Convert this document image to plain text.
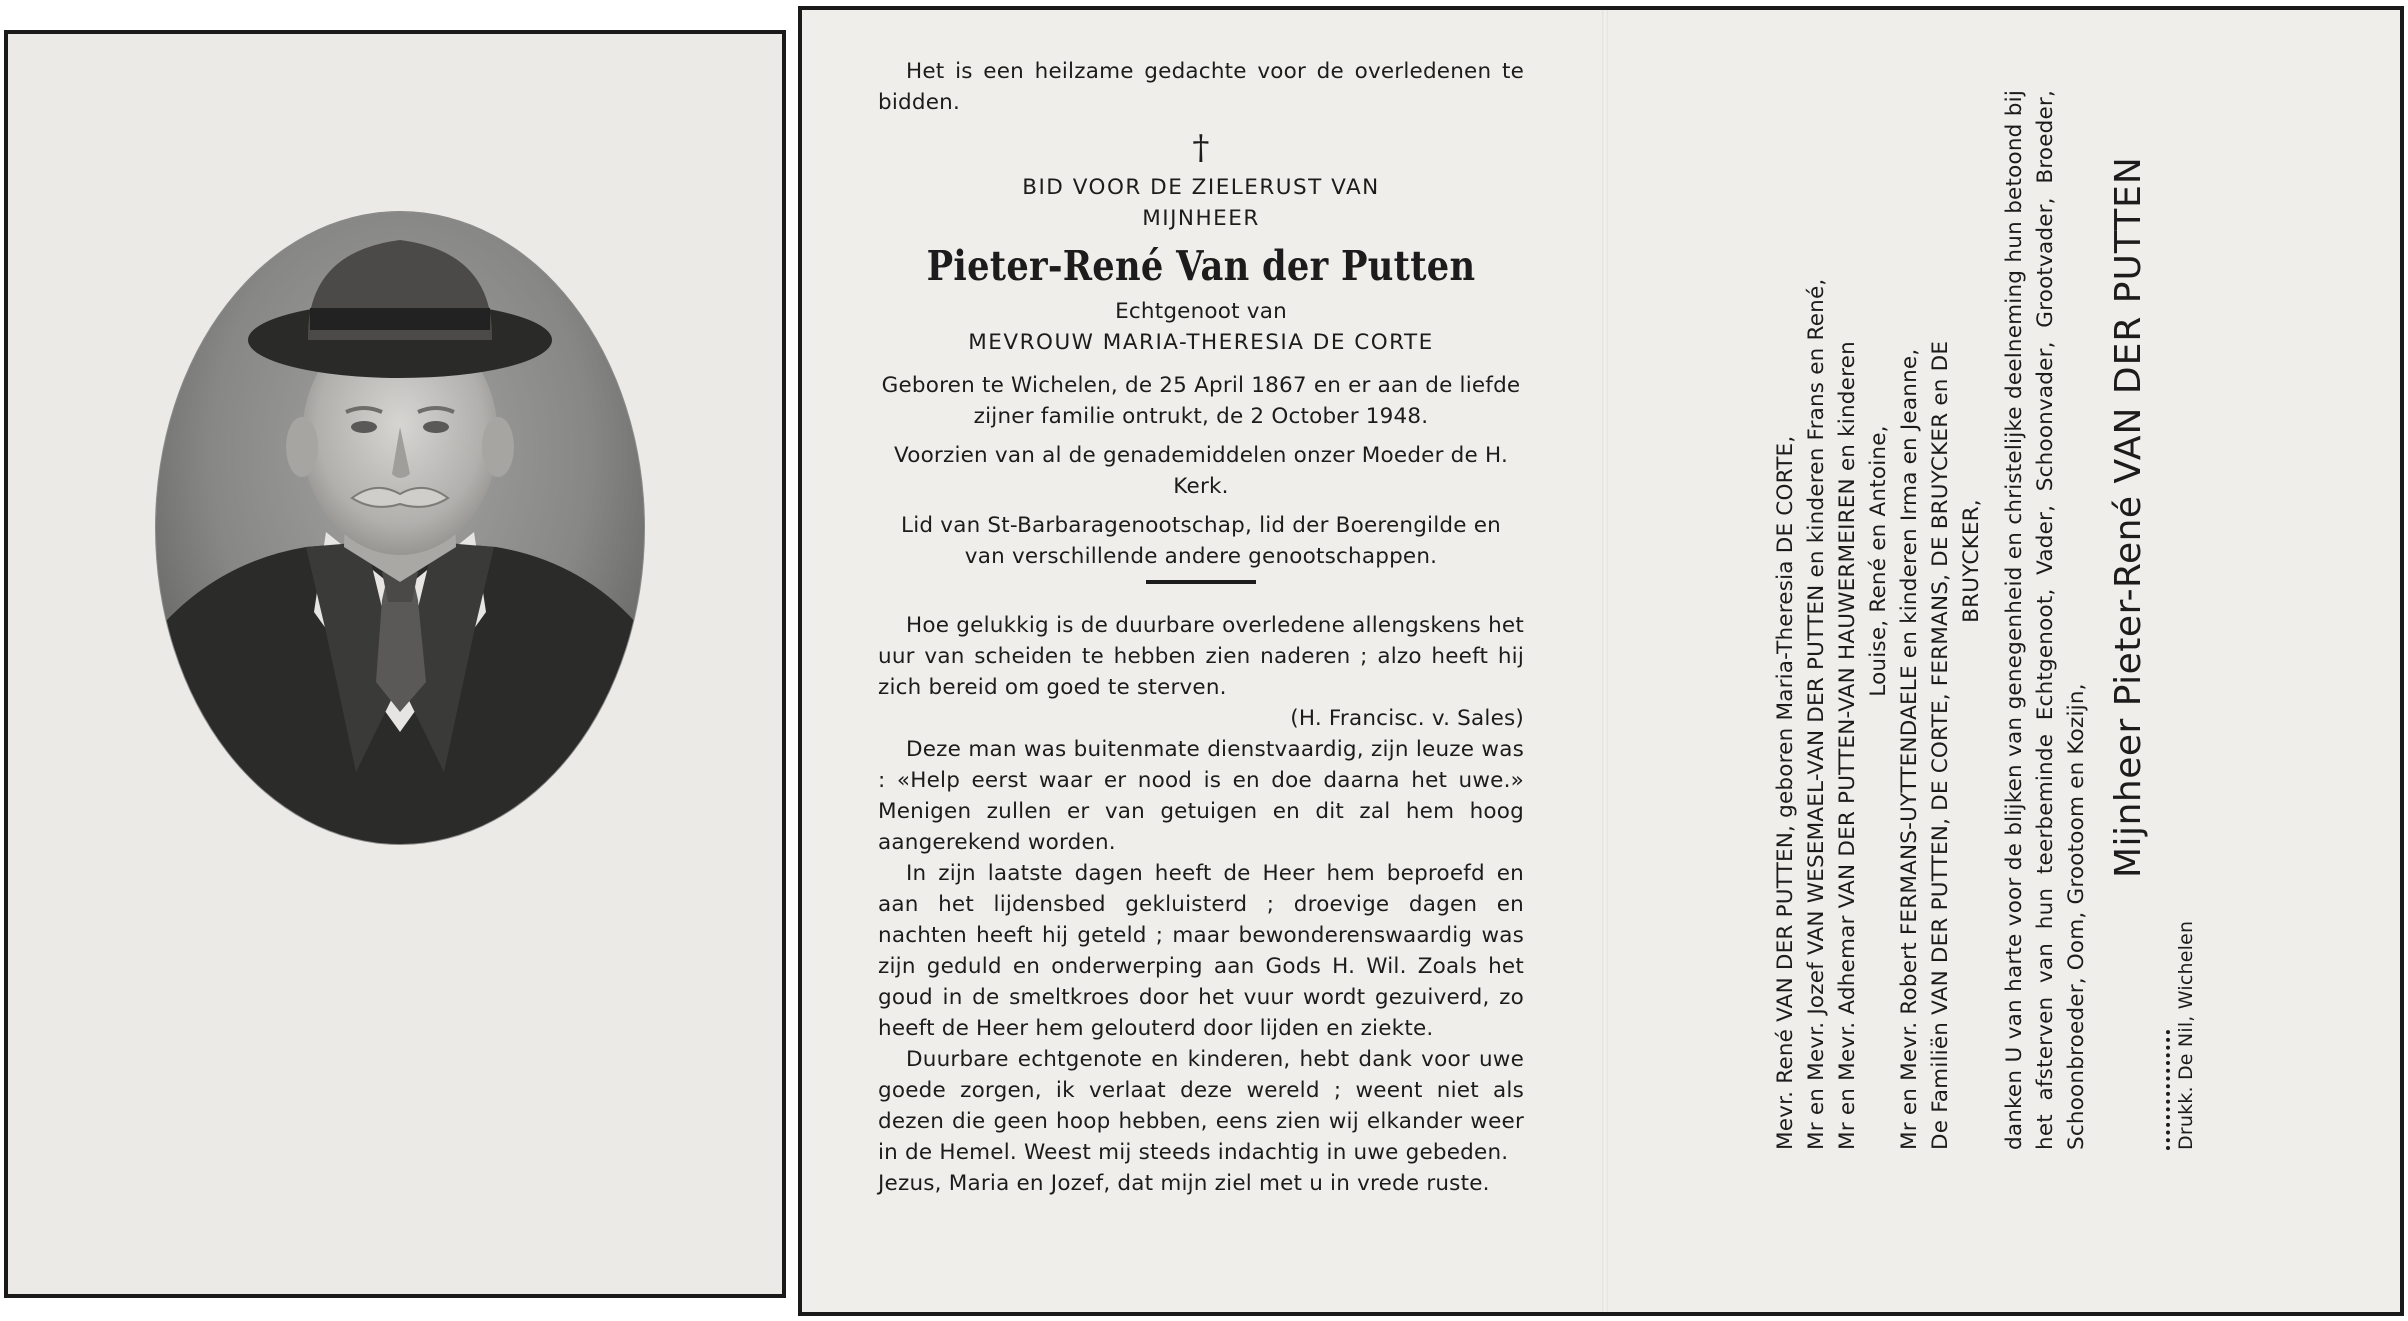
Het is een heilzame gedachte voor de overledenen te bidden.

†
BID VOOR DE ZIELERUST VAN
MIJNHEER
Pieter-René Van der Putten
Echtgenoot van
MEVROUW MARIA-THERESIA DE CORTE

Geboren te Wichelen, de 25 April 1867 en er aan de liefde zijner familie ontrukt, de 2 October 1948.

Voorzien van al de genademiddelen onzer Moeder de H. Kerk.

Lid van St-Barbaragenootschap, lid der Boerengilde en van verschillende andere genootschappen.

Hoe gelukkig is de duurbare overledene allengskens het uur van scheiden te hebben zien naderen ; alzo heeft hij zich bereid om goed te sterven.

(H. Francisc. v. Sales)

Deze man was buitenmate dienstvaardig, zijn leuze was : «Help eerst waar er nood is en doe daarna het uwe.» Menigen zullen er van getuigen en dit zal hem hoog aangerekend worden.

In zijn laatste dagen heeft de Heer hem beproefd en aan het lijdensbed gekluisterd ; droevige dagen en nachten heeft hij geteld ; maar bewonderenswaardig was zijn geduld en onderwerping aan Gods H. Wil. Zoals het goud in de smeltkroes door het vuur wordt gezuiverd, zo heeft de Heer hem gelouterd door lijden en ziekte.

Duurbare echtgenote en kinderen, hebt dank voor uwe goede zorgen, ik verlaat deze wereld ; weent niet als dezen die geen hoop hebben, eens zien wij elkander weer in de Hemel. Weest mij steeds indachtig in uwe gebeden.

Jezus, Maria en Jozef, dat mijn ziel met u in vrede ruste.

Mevr. René VAN DER PUTTEN, geboren Maria-Theresia DE CORTE, Mr en Mevr. Jozef VAN WESEMAEL-VAN DER PUTTEN en kinderen Frans en René, Mr en Mevr. Adhemar VAN DER PUTTEN-VAN HAUWERMEIREN en kinderen Louise, René en Antoine, Mr en Mevr. Robert FERMANS-UYTTENDAELE en kinderen Irma en Jeanne, De Familiën VAN DER PUTTEN, DE CORTE, FERMANS, DE BRUYCKER en DE BRUYCKER, danken U van harte voor de blijken van genegenheid en christelijke deelneming hun betoond bij het afsterven van hun teerbeminde Echtgenoot, Vader, Schoonvader, Grootvader, Broeder, Schoonbroeder, Oom, Grootoom en Kozijn, Mijnheer Pieter-René VAN DER PUTTEN
Drukk. De Nil, Wichelen
